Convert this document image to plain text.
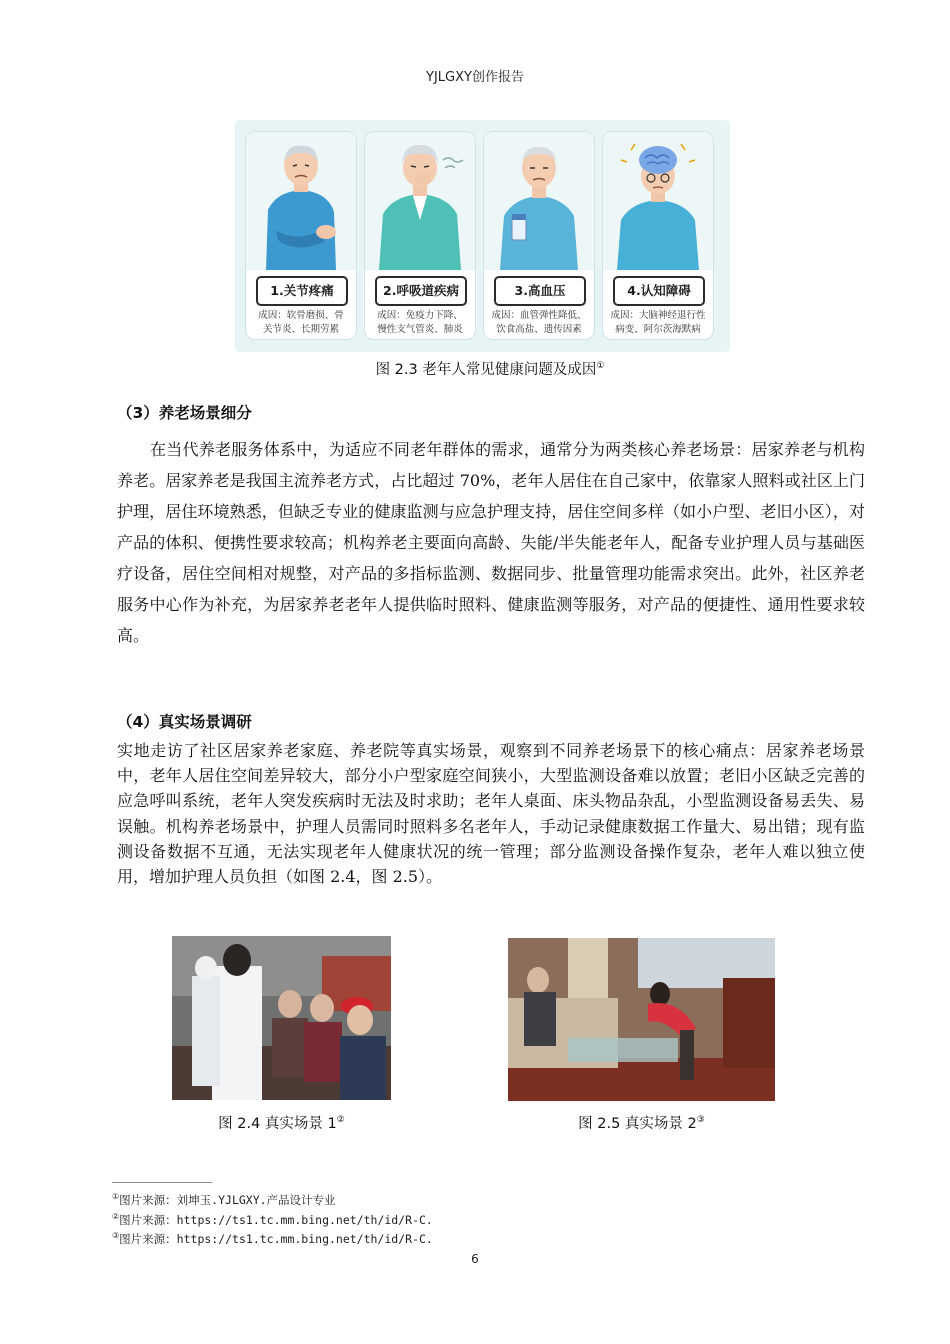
YJLGXY创作报告
1.关节疼痛
成因：软骨磨损、骨
关节炎、长期劳累
2.呼吸道疾病
成因：免疫力下降、
慢性支气管炎、肺炎
3.高血压
成因：血管弹性降低、
饮食高盐、遗传因素
4.认知障碍
成因：大脑神经退行性
病变、阿尔茨海默病
图 2.3 老年人常见健康问题及成因①
（3）养老场景细分
在当代养老服务体系中，为适应不同老年群体的需求，通常分为两类核心养老场景：居家养老与机构养老。居家养老是我国主流养老方式，占比超过 70%，老年人居住在自己家中，依靠家人照料或社区上门护理，居住环境熟悉，但缺乏专业的健康监测与应急护理支持，居住空间多样（如小户型、老旧小区），对产品的体积、便携性要求较高；机构养老主要面向高龄、失能/半失能老年人，配备专业护理人员与基础医疗设备，居住空间相对规整，对产品的多指标监测、数据同步、批量管理功能需求突出。此外，社区养老服务中心作为补充，为居家养老老年人提供临时照料、健康监测等服务，对产品的便捷性、通用性要求较高。
（4）真实场景调研
实地走访了社区居家养老家庭、养老院等真实场景，观察到不同养老场景下的核心痛点：居家养老场景中，老年人居住空间差异较大，部分小户型家庭空间狭小，大型监测设备难以放置；老旧小区缺乏完善的应急呼叫系统，老年人突发疾病时无法及时求助；老年人桌面、床头物品杂乱，小型监测设备易丢失、易误触。机构养老场景中，护理人员需同时照料多名老年人，手动记录健康数据工作量大、易出错；现有监测设备数据不互通，无法实现老年人健康状况的统一管理；部分监测设备操作复杂，老年人难以独立使用，增加护理人员负担（如图 2.4，图 2.5）。
图 2.4 真实场景 1②	图 2.5 真实场景 2③
①图片来源：刘坤玉.YJLGXY.产品设计专业
②图片来源：https://ts1.tc.mm.bing.net/th/id/R-C.
③图片来源：https://ts1.tc.mm.bing.net/th/id/R-C.
6
